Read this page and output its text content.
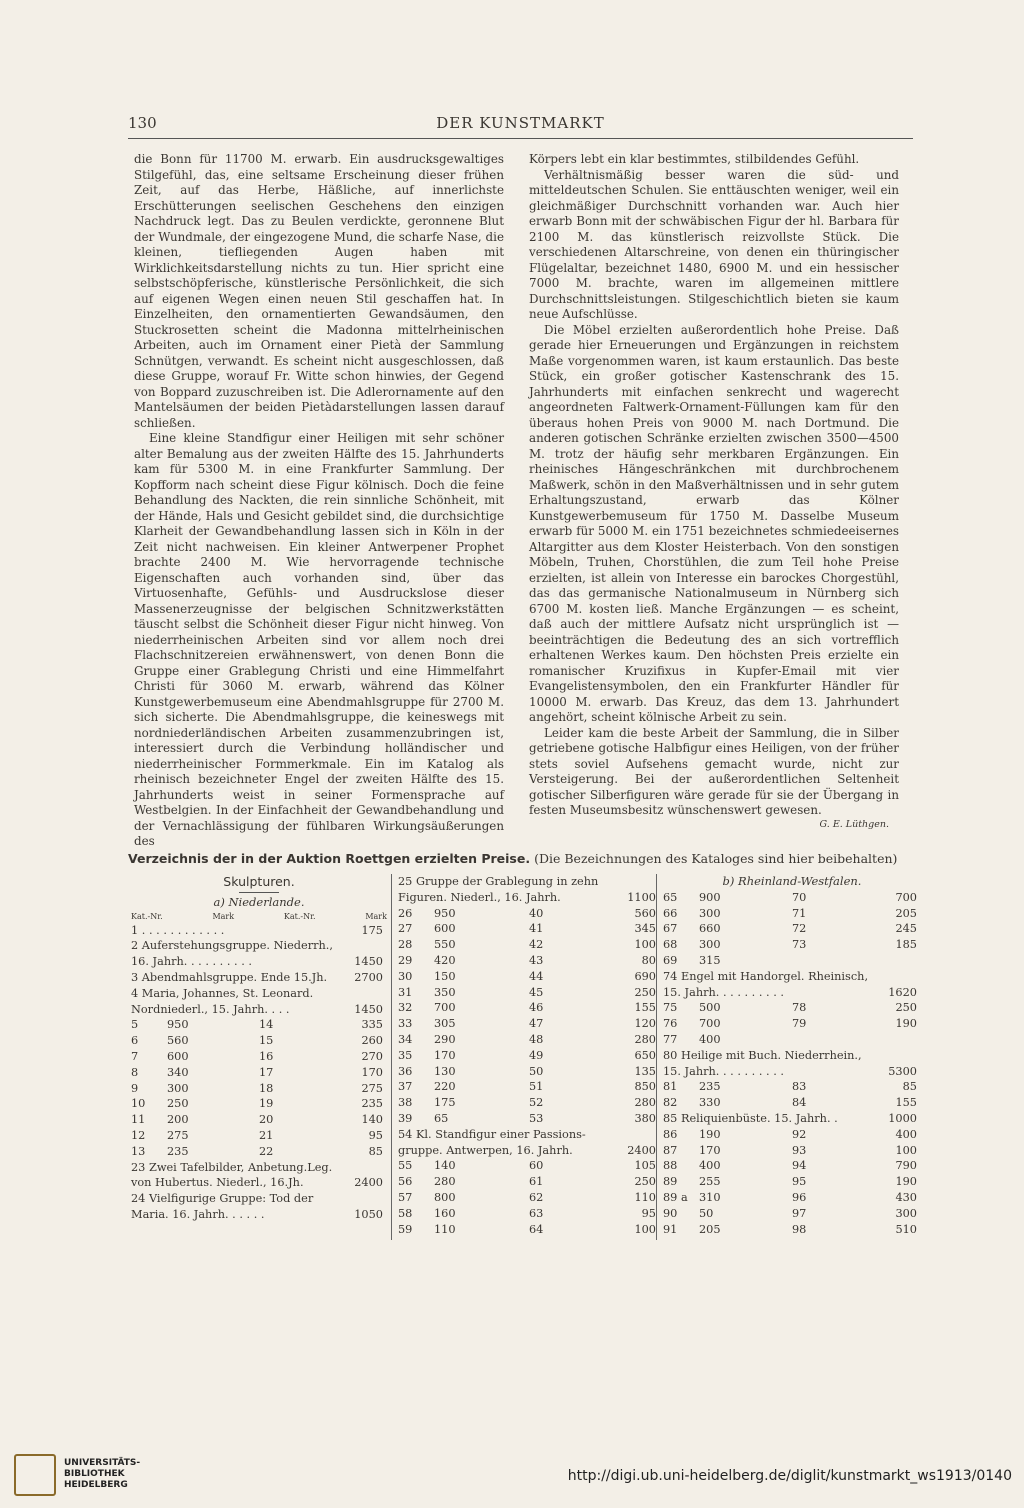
130	DER KUNSTMARKT

die Bonn für 11700 M. erwarb. Ein ausdrucksgewaltiges Stilgefühl, das, eine seltsame Erscheinung dieser frühen Zeit, auf das Herbe, Häßliche, auf innerlichste Erschütterungen seelischen Geschehens den einzigen Nachdruck legt. Das zu Beulen verdickte, geronnene Blut der Wundmale, der eingezogene Mund, die scharfe Nase, die kleinen, tiefliegenden Augen haben mit Wirklichkeitsdarstellung nichts zu tun. Hier spricht eine selbstschöpferische, künstlerische Persönlichkeit, die sich auf eigenen Wegen einen neuen Stil geschaffen hat. In Einzelheiten, den ornamentierten Gewandsäumen, den Stuckrosetten scheint die Madonna mittelrheinischen Arbeiten, auch im Ornament einer Pietà der Sammlung Schnütgen, verwandt. Es scheint nicht ausgeschlossen, daß diese Gruppe, worauf Fr. Witte schon hinwies, der Gegend von Boppard zuzuschreiben ist. Die Adlerornamente auf den Mantelsäumen der beiden Pietàdarstellungen lassen darauf schließen.

Eine kleine Standfigur einer Heiligen mit sehr schöner alter Bemalung aus der zweiten Hälfte des 15. Jahrhunderts kam für 5300 M. in eine Frankfurter Sammlung. Der Kopfform nach scheint diese Figur kölnisch. Doch die feine Behandlung des Nackten, die rein sinnliche Schönheit, mit der Hände, Hals und Gesicht gebildet sind, die durchsichtige Klarheit der Gewandbehandlung lassen sich in Köln in der Zeit nicht nachweisen. Ein kleiner Antwerpener Prophet brachte 2400 M. Wie hervorragende technische Eigenschaften auch vorhanden sind, über das Virtuosenhafte, Gefühls- und Ausdruckslose dieser Massenerzeugnisse der belgischen Schnitzwerkstätten täuscht selbst die Schönheit dieser Figur nicht hinweg. Von niederrheinischen Arbeiten sind vor allem noch drei Flachschnitzereien erwähnenswert, von denen Bonn die Gruppe einer Grablegung Christi und eine Himmelfahrt Christi für 3060 M. erwarb, während das Kölner Kunstgewerbemuseum eine Abendmahlsgruppe für 2700 M. sich sicherte. Die Abendmahlsgruppe, die keineswegs mit nordniederländischen Arbeiten zusammenzubringen ist, interessiert durch die Verbindung holländischer und niederrheinischer Formmerkmale. Ein im Katalog als rheinisch bezeichneter Engel der zweiten Hälfte des 15. Jahrhunderts weist in seiner Formensprache auf Westbelgien. In der Einfachheit der Gewandbehandlung und der Vernachlässigung der fühlbaren Wirkungsäußerungen des

Körpers lebt ein klar bestimmtes, stilbildendes Gefühl.

Verhältnismäßig besser waren die süd- und mitteldeutschen Schulen. Sie enttäuschten weniger, weil ein gleichmäßiger Durchschnitt vorhanden war. Auch hier erwarb Bonn mit der schwäbischen Figur der hl. Barbara für 2100 M. das künstlerisch reizvollste Stück. Die verschiedenen Altarschreine, von denen ein thüringischer Flügelaltar, bezeichnet 1480, 6900 M. und ein hessischer 7000 M. brachte, waren im allgemeinen mittlere Durchschnittsleistungen. Stilgeschichtlich bieten sie kaum neue Aufschlüsse.

Die Möbel erzielten außerordentlich hohe Preise. Daß gerade hier Erneuerungen und Ergänzungen in reichstem Maße vorgenommen waren, ist kaum erstaunlich. Das beste Stück, ein großer gotischer Kastenschrank des 15. Jahrhunderts mit einfachen senkrecht und wagerecht angeordneten Faltwerk-Ornament-Füllungen kam für den überaus hohen Preis von 9000 M. nach Dortmund. Die anderen gotischen Schränke erzielten zwischen 3500—4500 M. trotz der häufig sehr merkbaren Ergänzungen. Ein rheinisches Hängeschränkchen mit durchbrochenem Maßwerk, schön in den Maßverhältnissen und in sehr gutem Erhaltungszustand, erwarb das Kölner Kunstgewerbemuseum für 1750 M. Dasselbe Museum erwarb für 5000 M. ein 1751 bezeichnetes schmiedeeisernes Altargitter aus dem Kloster Heisterbach. Von den sonstigen Möbeln, Truhen, Chorstühlen, die zum Teil hohe Preise erzielten, ist allein von Interesse ein barockes Chorgestühl, das das germanische Nationalmuseum in Nürnberg sich 6700 M. kosten ließ. Manche Ergänzungen — es scheint, daß auch der mittlere Aufsatz nicht ursprünglich ist — beeinträchtigen die Bedeutung des an sich vortrefflich erhaltenen Werkes kaum. Den höchsten Preis erzielte ein romanischer Kruzifixus in Kupfer-Email mit vier Evangelistensymbolen, den ein Frankfurter Händler für 10000 M. erwarb. Das Kreuz, das dem 13. Jahrhundert angehört, scheint kölnische Arbeit zu sein.

Leider kam die beste Arbeit der Sammlung, die in Silber getriebene gotische Halbfigur eines Heiligen, von der früher stets soviel Aufsehens gemacht wurde, nicht zur Versteigerung. Bei der außerordentlichen Seltenheit gotischer Silberfiguren wäre gerade für sie der Übergang in festen Museumsbesitz wünschenswert gewesen.

G. E. Lüthgen.
Verzeichnis der in der Auktion Roettgen erzielten Preise. (Die Bezeichnungen des Kataloges sind hier beibehalten)
Skulpturen.
a) Niederlande.
Kat.-Nr.	Mark	Kat.-Nr.	Mark
1 . . . . . . . . . . . .	175
2 Auferstehungsgruppe. Niederrh.,
16. Jahrh. . . . . . . . . .	1450
3 Abendmahlsgruppe. Ende 15.Jh. 2700
4 Maria, Johannes, St. Leonard.
Nordniederl., 15. Jahrh. . . .	1450
5	950	14	335
6	560	15	260
7	600	16	270
8	340	17	170
9	300	18	275
10	250	19	235
11	200	20	140
12	275	21	95
13	235	22	85
23 Zwei Tafelbilder, Anbetung.Leg.
von Hubertus. Niederl., 16.Jh.	2400
24 Vielfigurige Gruppe: Tod der
Maria. 16. Jahrh. . . . . .	1050
25 Gruppe der Grablegung in zehn
Figuren. Niederl., 16. Jahrh.	1100
26	950	40	560
27	600	41	345
28	550	42	100
29	420	43	80
30	150	44	690
31	350	45	250
32	700	46	155
33	305	47	120
34	290	48	280
35	170	49	650
36	130	50	135
37	220	51	850
38	175	52	280
39	65	53	380
54 Kl. Standfigur einer Passions-
gruppe. Antwerpen, 16. Jahrh.	2400
55	140	60	105
56	280	61	250
57	800	62	110
58	160	63	95
59	110	64	100
b) Rheinland-Westfalen.
65	900	70	700
66	300	71	205
67	660	72	245
68	300	73	185
69	315
74 Engel mit Handorgel. Rheinisch,
15. Jahrh. . . . . . . . . .	1620
75	500	78	250
76	700	79	190
77	400
80 Heilige mit Buch. Niederrhein.,
15. Jahrh. . . . . . . . . .	5300
81	235	83	85
82	330	84	155
85 Reliquienbüste. 15. Jahrh. .	1000
86	190	92	400
87	170	93	100
88	400	94	790
89	255	95	190
89 a 310	96	430
90	50	97	300
91	205	98	510
UNIVERSITÄTS-
BIBLIOTHEK
HEIDELBERG
http://digi.ub.uni-heidelberg.de/diglit/kunstmarkt_ws1913/0140
